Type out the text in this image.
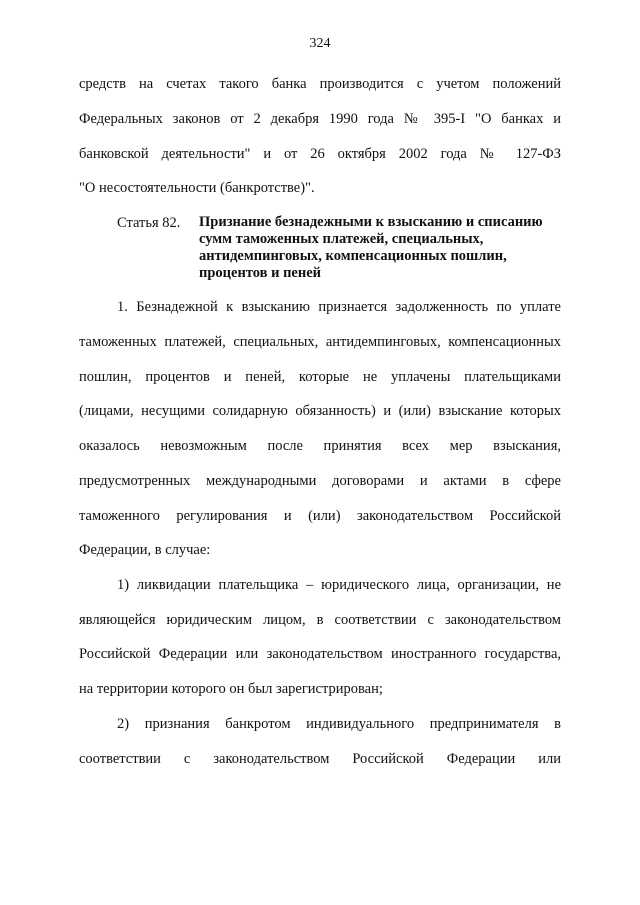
324
средств на счетах такого банка производится с учетом положений
Федеральных законов от 2 декабря 1990 года № 395-I "О банках и
банковской деятельности" и от 26 октября 2002 года № 127-ФЗ
"О несостоятельности (банкротстве)".
Статья 82. Признание безнадежными к взысканию и списанию
сумм таможенных платежей, специальных,
антидемпинговых, компенсационных пошлин,
процентов и пеней
1. Безнадежной к взысканию признается задолженность по уплате
таможенных платежей, специальных, антидемпинговых, компенсационных
пошлин, процентов и пеней, которые не уплачены плательщиками
(лицами, несущими солидарную обязанность) и (или) взыскание которых
оказалось невозможным после принятия всех мер взыскания,
предусмотренных международными договорами и актами в сфере
таможенного регулирования и (или) законодательством Российской
Федерации, в случае:
1) ликвидации плательщика – юридического лица, организации, не
являющейся юридическим лицом, в соответствии с законодательством
Российской Федерации или законодательством иностранного государства,
на территории которого он был зарегистрирован;
2) признания банкротом индивидуального предпринимателя в
соответствии с законодательством Российской Федерации или
